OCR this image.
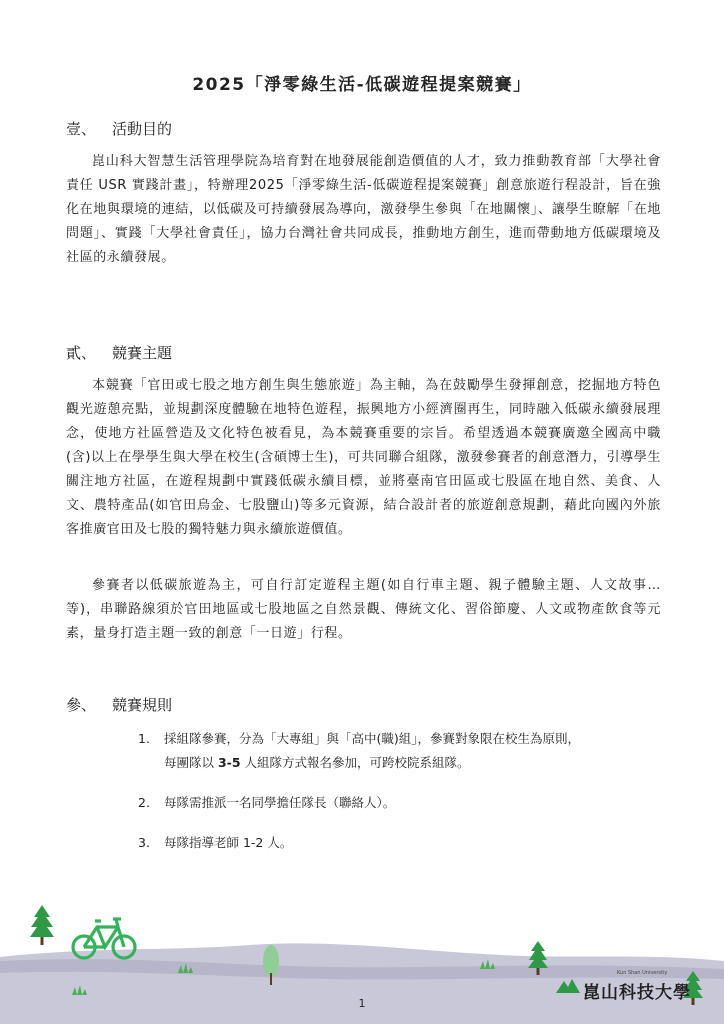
2025「淨零綠生活-低碳遊程提案競賽」
壹、 活動目的
崑山科大智慧生活管理學院為培育對在地發展能創造價值的人才，致力推動教育部「大學社會責任 USR 實踐計畫」，特辦理2025「淨零綠生活-低碳遊程提案競賽」創意旅遊行程設計，旨在強化在地與環境的連結，以低碳及可持續發展為導向，激發學生參與「在地關懷」、讓學生瞭解「在地問題」、實踐「大學社會責任」，協力台灣社會共同成長，推動地方創生，進而帶動地方低碳環境及社區的永續發展。
貳、 競賽主題
本競賽「官田或七股之地方創生與生態旅遊」為主軸，為在鼓勵學生發揮創意，挖掘地方特色觀光遊憩亮點，並規劃深度體驗在地特色遊程，振興地方小經濟圈再生，同時融入低碳永續發展理念，使地方社區營造及文化特色被看見，為本競賽重要的宗旨。希望透過本競賽廣邀全國高中職(含)以上在學學生與大學在校生(含碩博士生)，可共同聯合組隊，激發參賽者的創意潛力，引導學生關注地方社區，在遊程規劃中實踐低碳永續目標，並將臺南官田區或七股區在地自然、美食、人文、農特產品(如官田烏金、七股鹽山)等多元資源，結合設計者的旅遊創意規劃，藉此向國內外旅客推廣官田及七股的獨特魅力與永續旅遊價值。
參賽者以低碳旅遊為主，可自行訂定遊程主題(如自行車主題、親子體驗主題、人文故事… 等)，串聯路線須於官田地區或七股地區之自然景觀、傳統文化、習俗節慶、人文或物產飲食等元素，量身打造主題一致的創意「一日遊」行程。
參、 競賽規則
1.	採組隊參賽，分為「大專組」與「高中(職)組」，參賽對象限在校生為原則，
每團隊以 3-5 人組隊方式報名參加，可跨校院系組隊。
2.	每隊需推派一名同學擔任隊長（聯絡人）。
3.	每隊指導老師 1-2 人。
Kun Shan University
崑山科技大學
1
